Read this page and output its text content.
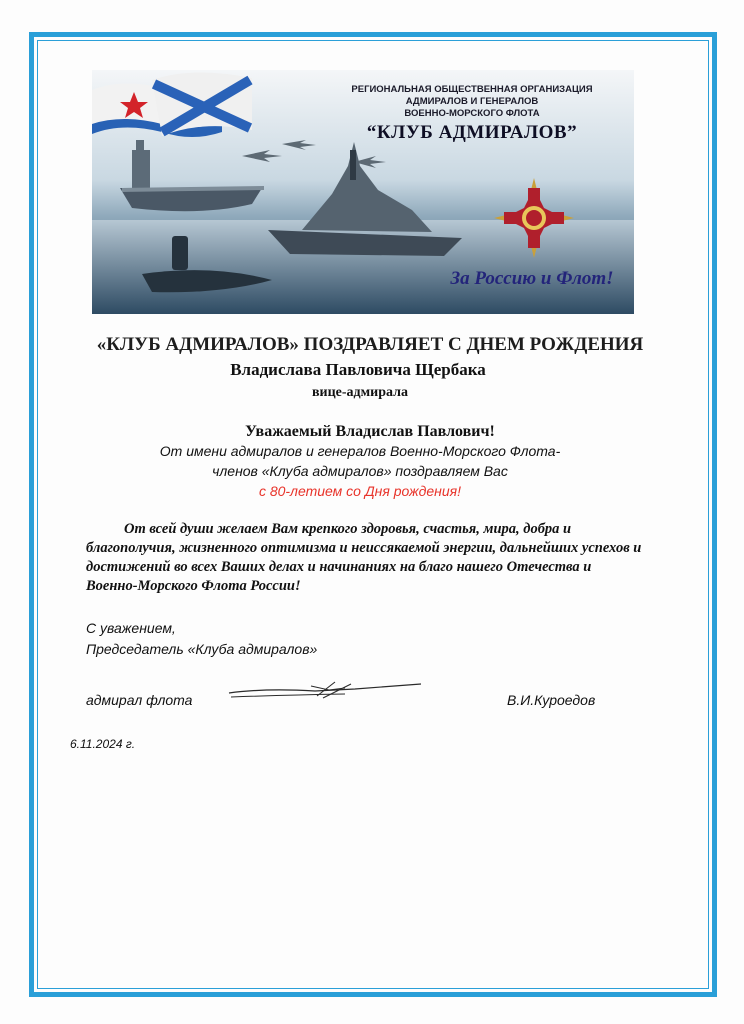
РЕГИОНАЛЬНАЯ ОБЩЕСТВЕННАЯ ОРГАНИЗАЦИЯ
АДМИРАЛОВ И ГЕНЕРАЛОВ
ВОЕННО-МОРСКОГО ФЛОТА
“КЛУБ АДМИРАЛОВ”
За Россию и Флот!
«КЛУБ АДМИРАЛОВ» ПОЗДРАВЛЯЕТ С ДНЕМ РОЖДЕНИЯ
Владислава Павловича Щербака
вице-адмирала
Уважаемый Владислав Павлович!
От имени адмиралов и генералов Военно-Морского Флота-
членов «Клуба адмиралов» поздравляем Вас
с 80-летием со Дня рождения!
От всей души желаем Вам крепкого здоровья, счастья, мира, добра и благополучия, жизненного оптимизма и неиссякаемой энергии, дальнейших успехов и достижений во всех Ваших делах и начинаниях на благо нашего Отечества и Военно-Морского Флота России!
С уважением,
Председатель «Клуба адмиралов»
адмирал флота	В.И.Куроедов
6.11.2024 г.
